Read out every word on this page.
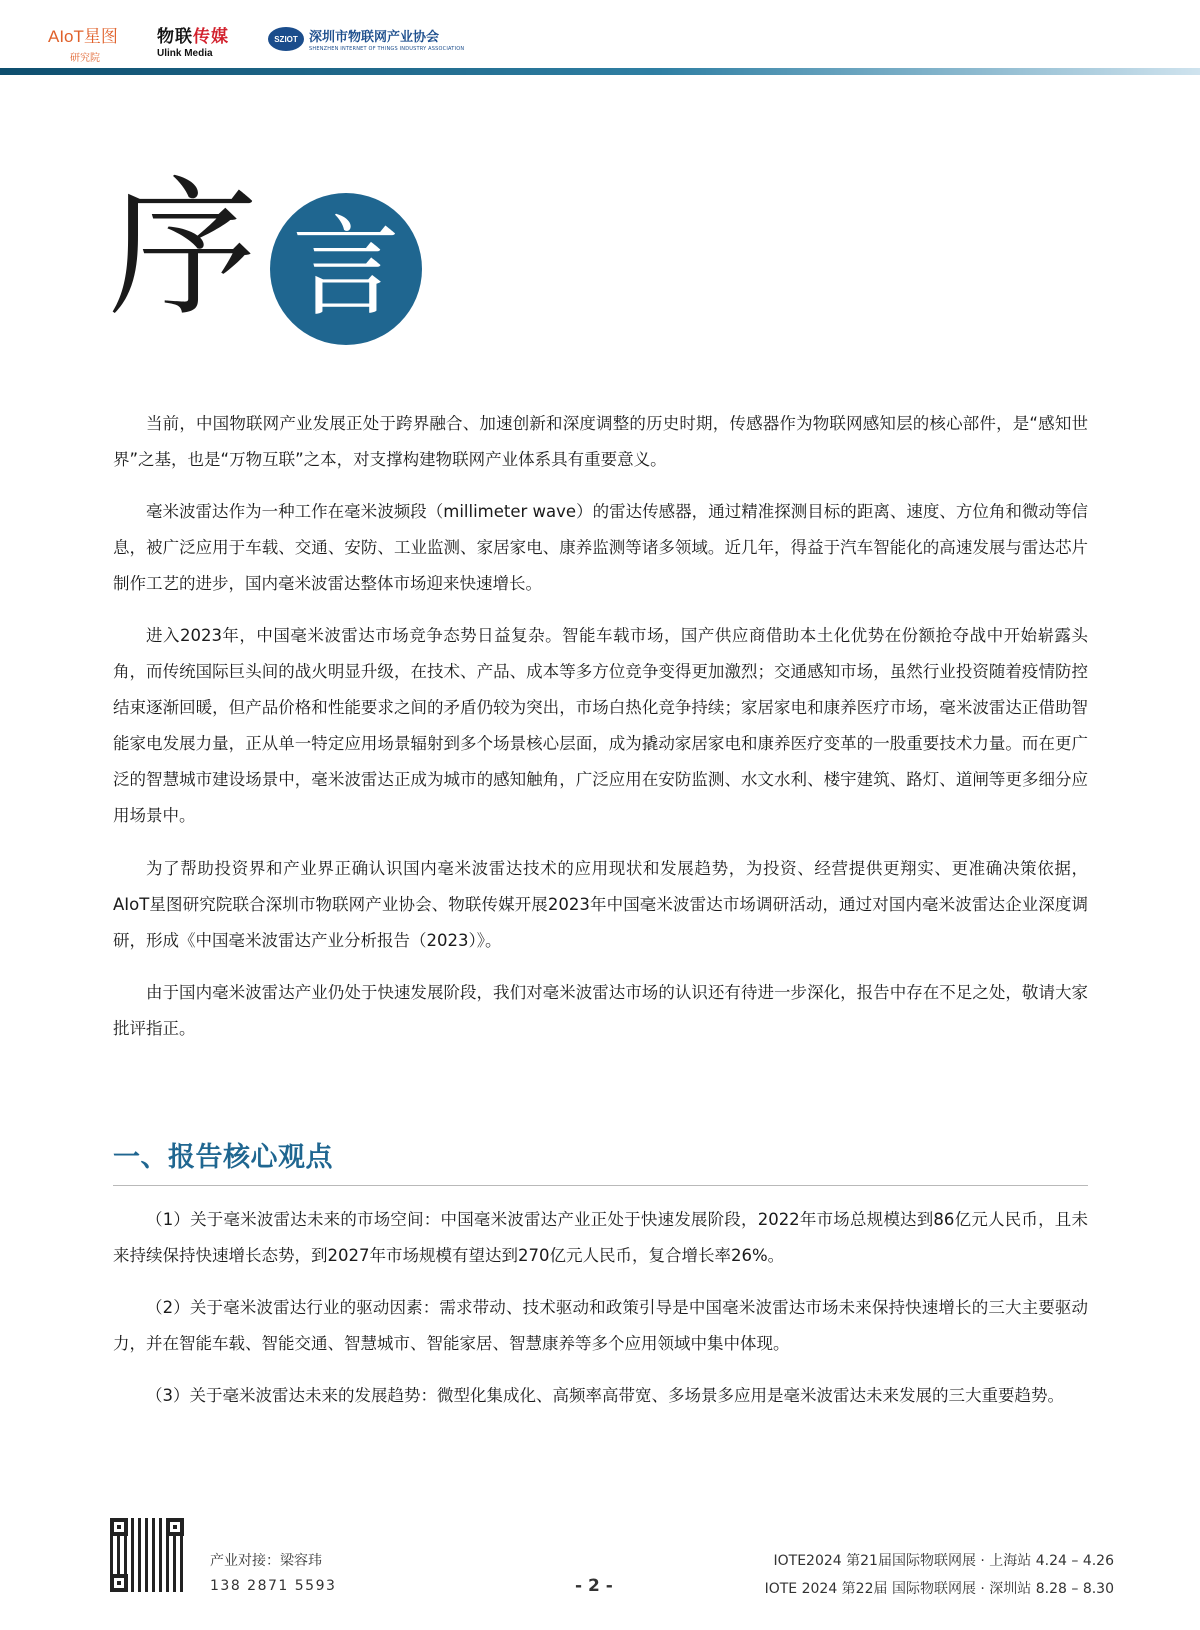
AIoT星图
研究院
物联传媒
Ulink Media
SZIOT 深圳市物联网产业协会
SHENZHEN INTERNET OF THINGS INDUSTRY ASSOCIATION
序 言

当前，中国物联网产业发展正处于跨界融合、加速创新和深度调整的历史时期，传感器作为物联网感知层的核心部件，是“感知世界”之基，也是“万物互联”之本，对支撑构建物联网产业体系具有重要意义。

毫米波雷达作为一种工作在毫米波频段（millimeter wave）的雷达传感器，通过精准探测目标的距离、速度、方位角和微动等信息，被广泛应用于车载、交通、安防、工业监测、家居家电、康养监测等诸多领域。近几年，得益于汽车智能化的高速发展与雷达芯片制作工艺的进步，国内毫米波雷达整体市场迎来快速增长。

进入2023年，中国毫米波雷达市场竞争态势日益复杂。智能车载市场，国产供应商借助本土化优势在份额抢夺战中开始崭露头角，而传统国际巨头间的战火明显升级，在技术、产品、成本等多方位竞争变得更加激烈；交通感知市场，虽然行业投资随着疫情防控结束逐渐回暖，但产品价格和性能要求之间的矛盾仍较为突出，市场白热化竞争持续；家居家电和康养医疗市场，毫米波雷达正借助智能家电发展力量，正从单一特定应用场景辐射到多个场景核心层面，成为撬动家居家电和康养医疗变革的一股重要技术力量。而在更广泛的智慧城市建设场景中，毫米波雷达正成为城市的感知触角，广泛应用在安防监测、水文水利、楼宇建筑、路灯、道闸等更多细分应用场景中。

为了帮助投资界和产业界正确认识国内毫米波雷达技术的应用现状和发展趋势，为投资、经营提供更翔实、更准确决策依据，AIoT星图研究院联合深圳市物联网产业协会、物联传媒开展2023年中国毫米波雷达市场调研活动，通过对国内毫米波雷达企业深度调研，形成《中国毫米波雷达产业分析报告（2023）》。

由于国内毫米波雷达产业仍处于快速发展阶段，我们对毫米波雷达市场的认识还有待进一步深化，报告中存在不足之处，敬请大家批评指正。

一、报告核心观点

（1）关于毫米波雷达未来的市场空间：中国毫米波雷达产业正处于快速发展阶段，2022年市场总规模达到86亿元人民币，且未来持续保持快速增长态势，到2027年市场规模有望达到270亿元人民币，复合增长率26%。

（2）关于毫米波雷达行业的驱动因素：需求带动、技术驱动和政策引导是中国毫米波雷达市场未来保持快速增长的三大主要驱动力，并在智能车载、智能交通、智慧城市、智能家居、智慧康养等多个应用领域中集中体现。

（3）关于毫米波雷达未来的发展趋势：微型化集成化、高频率高带宽、多场景多应用是毫米波雷达未来发展的三大重要趋势。

产业对接：梁容玮
138 2871 5593	- 2 -
IOTE2024 第21届国际物联网展 · 上海站 4.24 – 4.26
IOTE 2024 第22届 国际物联网展 · 深圳站 8.28 – 8.30
